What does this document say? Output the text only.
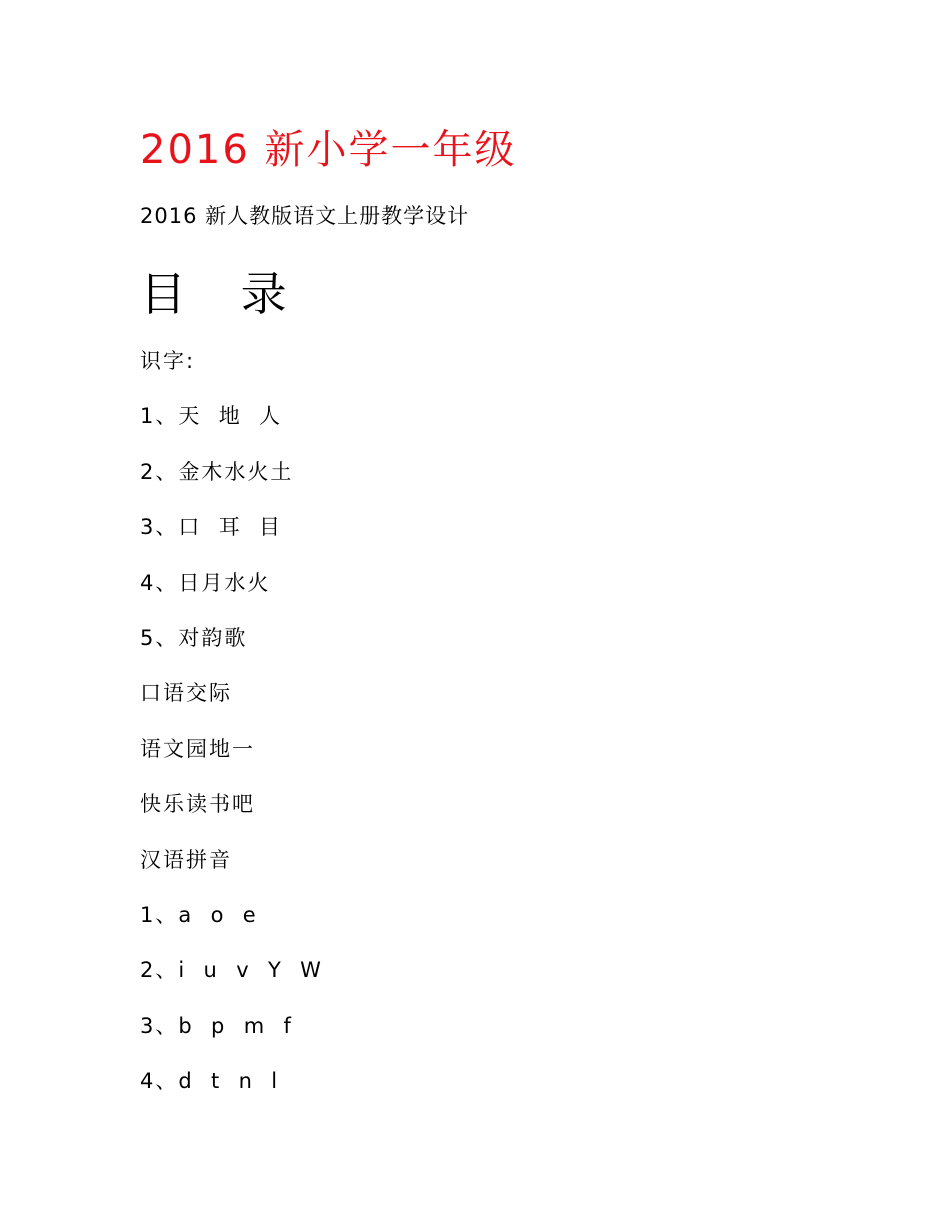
2016 新小学一年级
2016 新人教版语文上册教学设计
目 录
识字:
1、天  地  人
2、金木水火土
3、口  耳  目
4、日月水火
5、对韵歌
口语交际
语文园地一
快乐读书吧
汉语拼音
1、a  o  e
2、i  u  v  Y  W
3、b  p  m  f
4、d  t  n  l
